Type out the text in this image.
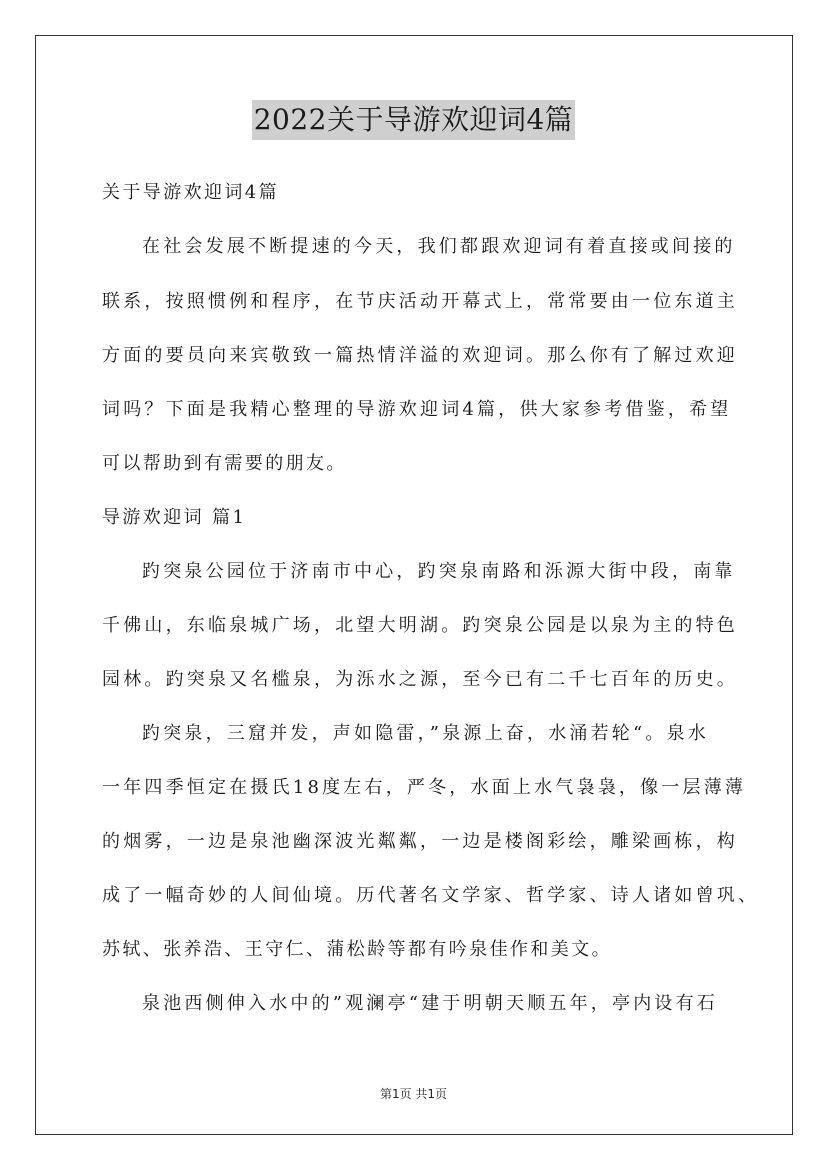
2022关于导游欢迎词4篇
关于导游欢迎词4篇
在社会发展不断提速的今天，我们都跟欢迎词有着直接或间接的
联系，按照惯例和程序，在节庆活动开幕式上，常常要由一位东道主
方面的要员向来宾敬致一篇热情洋溢的欢迎词。那么你有了解过欢迎
词吗？下面是我精心整理的导游欢迎词4篇，供大家参考借鉴，希望
可以帮助到有需要的朋友。
导游欢迎词 篇1
趵突泉公园位于济南市中心，趵突泉南路和泺源大街中段，南靠
千佛山，东临泉城广场，北望大明湖。趵突泉公园是以泉为主的特色
园林。趵突泉又名槛泉，为泺水之源，至今已有二千七百年的历史。
趵突泉，三窟并发，声如隐雷，”泉源上奋，水涌若轮“。泉水
一年四季恒定在摄氏18度左右，严冬，水面上水气袅袅，像一层薄薄
的烟雾，一边是泉池幽深波光粼粼，一边是楼阁彩绘，雕梁画栋，构
成了一幅奇妙的人间仙境。历代著名文学家、哲学家、诗人诸如曾巩、
苏轼、张养浩、王守仁、蒲松龄等都有吟泉佳作和美文。
泉池西侧伸入水中的”观澜亭“建于明朝天顺五年，亭内设有石
第1页 共1页
